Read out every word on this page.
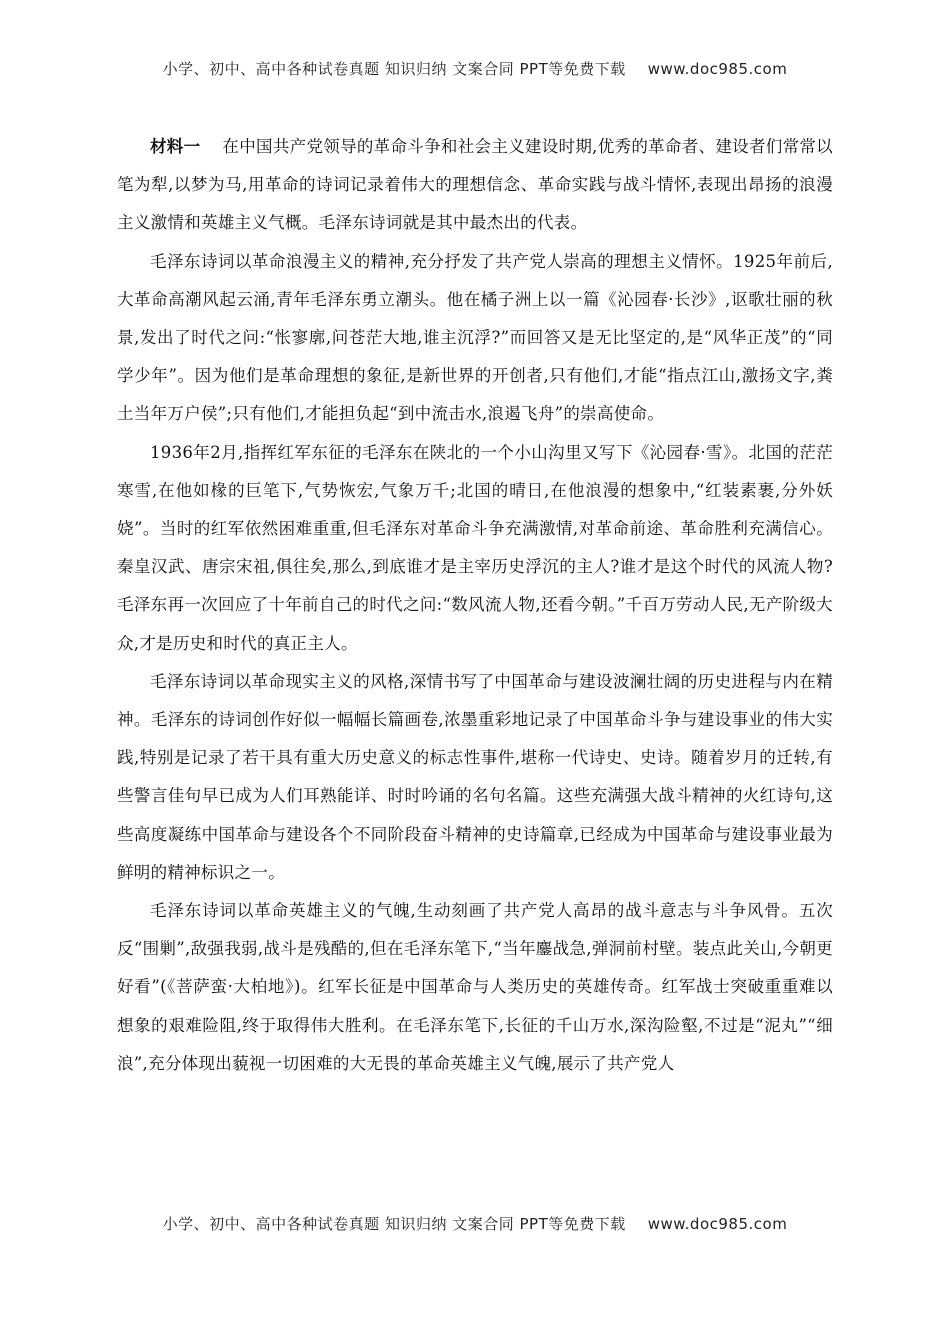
小学、初中、高中各种试卷真题 知识归纳 文案合同 PPT等免费下载 www.doc985.com

材料一 在中国共产党领导的革命斗争和社会主义建设时期,优秀的革命者、建设者们常常以笔为犁,以梦为马,用革命的诗词记录着伟大的理想信念、革命实践与战斗情怀,表现出昂扬的浪漫主义激情和英雄主义气概。毛泽东诗词就是其中最杰出的代表。

毛泽东诗词以革命浪漫主义的精神,充分抒发了共产党人崇高的理想主义情怀。1925年前后,大革命高潮风起云涌,青年毛泽东勇立潮头。他在橘子洲上以一篇《沁园春·长沙》,讴歌壮丽的秋景,发出了时代之问:“怅寥廓,问苍茫大地,谁主沉浮?”而回答又是无比坚定的,是“风华正茂”的“同学少年”。因为他们是革命理想的象征,是新世界的开创者,只有他们,才能“指点江山,激扬文字,粪土当年万户侯”;只有他们,才能担负起“到中流击水,浪遏飞舟”的崇高使命。

1936年2月,指挥红军东征的毛泽东在陕北的一个小山沟里又写下《沁园春·雪》。北国的茫茫寒雪,在他如椽的巨笔下,气势恢宏,气象万千;北国的晴日,在他浪漫的想象中,“红装素裹,分外妖娆”。当时的红军依然困难重重,但毛泽东对革命斗争充满激情,对革命前途、革命胜利充满信心。秦皇汉武、唐宗宋祖,俱往矣,那么,到底谁才是主宰历史浮沉的主人?谁才是这个时代的风流人物?毛泽东再一次回应了十年前自己的时代之问:“数风流人物,还看今朝。”千百万劳动人民,无产阶级大众,才是历史和时代的真正主人。

毛泽东诗词以革命现实主义的风格,深情书写了中国革命与建设波澜壮阔的历史进程与内在精神。毛泽东的诗词创作好似一幅幅长篇画卷,浓墨重彩地记录了中国革命斗争与建设事业的伟大实践,特别是记录了若干具有重大历史意义的标志性事件,堪称一代诗史、史诗。随着岁月的迁转,有些警言佳句早已成为人们耳熟能详、时时吟诵的名句名篇。这些充满强大战斗精神的火红诗句,这些高度凝练中国革命与建设各个不同阶段奋斗精神的史诗篇章,已经成为中国革命与建设事业最为鲜明的精神标识之一。

毛泽东诗词以革命英雄主义的气魄,生动刻画了共产党人高昂的战斗意志与斗争风骨。五次反“围剿”,敌强我弱,战斗是残酷的,但在毛泽东笔下,“当年鏖战急,弹洞前村壁。装点此关山,今朝更好看”(《菩萨蛮·大柏地》)。红军长征是中国革命与人类历史的英雄传奇。红军战士突破重重难以想象的艰难险阻,终于取得伟大胜利。在毛泽东笔下,长征的千山万水,深沟险壑,不过是“泥丸”“细浪”,充分体现出藐视一切困难的大无畏的革命英雄主义气魄,展示了共产党人

小学、初中、高中各种试卷真题 知识归纳 文案合同 PPT等免费下载 www.doc985.com
